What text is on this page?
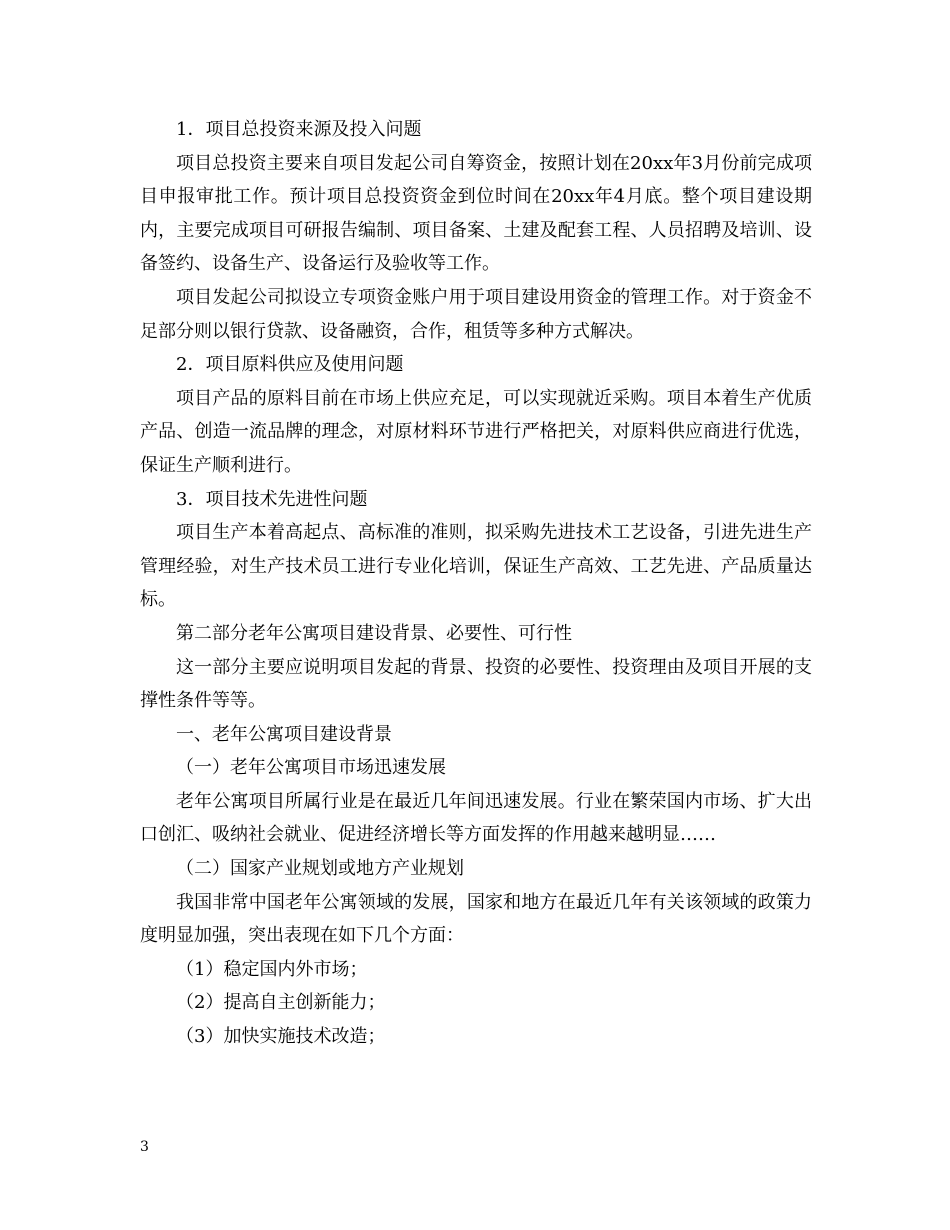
1．项目总投资来源及投入问题

项目总投资主要来自项目发起公司自筹资金，按照计划在20xx年3月份前完成项目申报审批工作。预计项目总投资资金到位时间在20xx年4月底。整个项目建设期内，主要完成项目可研报告编制、项目备案、土建及配套工程、人员招聘及培训、设备签约、设备生产、设备运行及验收等工作。

项目发起公司拟设立专项资金账户用于项目建设用资金的管理工作。对于资金不足部分则以银行贷款、设备融资，合作，租赁等多种方式解决。

2．项目原料供应及使用问题

项目产品的原料目前在市场上供应充足，可以实现就近采购。项目本着生产优质产品、创造一流品牌的理念，对原材料环节进行严格把关，对原料供应商进行优选，保证生产顺利进行。

3．项目技术先进性问题

项目生产本着高起点、高标准的准则，拟采购先进技术工艺设备，引进先进生产管理经验，对生产技术员工进行专业化培训，保证生产高效、工艺先进、产品质量达标。

第二部分老年公寓项目建设背景、必要性、可行性

这一部分主要应说明项目发起的背景、投资的必要性、投资理由及项目开展的支撑性条件等等。

一、老年公寓项目建设背景

（一）老年公寓项目市场迅速发展

老年公寓项目所属行业是在最近几年间迅速发展。行业在繁荣国内市场、扩大出口创汇、吸纳社会就业、促进经济增长等方面发挥的作用越来越明显……

（二）国家产业规划或地方产业规划

我国非常中国老年公寓领域的发展，国家和地方在最近几年有关该领域的政策力度明显加强，突出表现在如下几个方面：

（1）稳定国内外市场；

（2）提高自主创新能力；

（3）加快实施技术改造；

3
